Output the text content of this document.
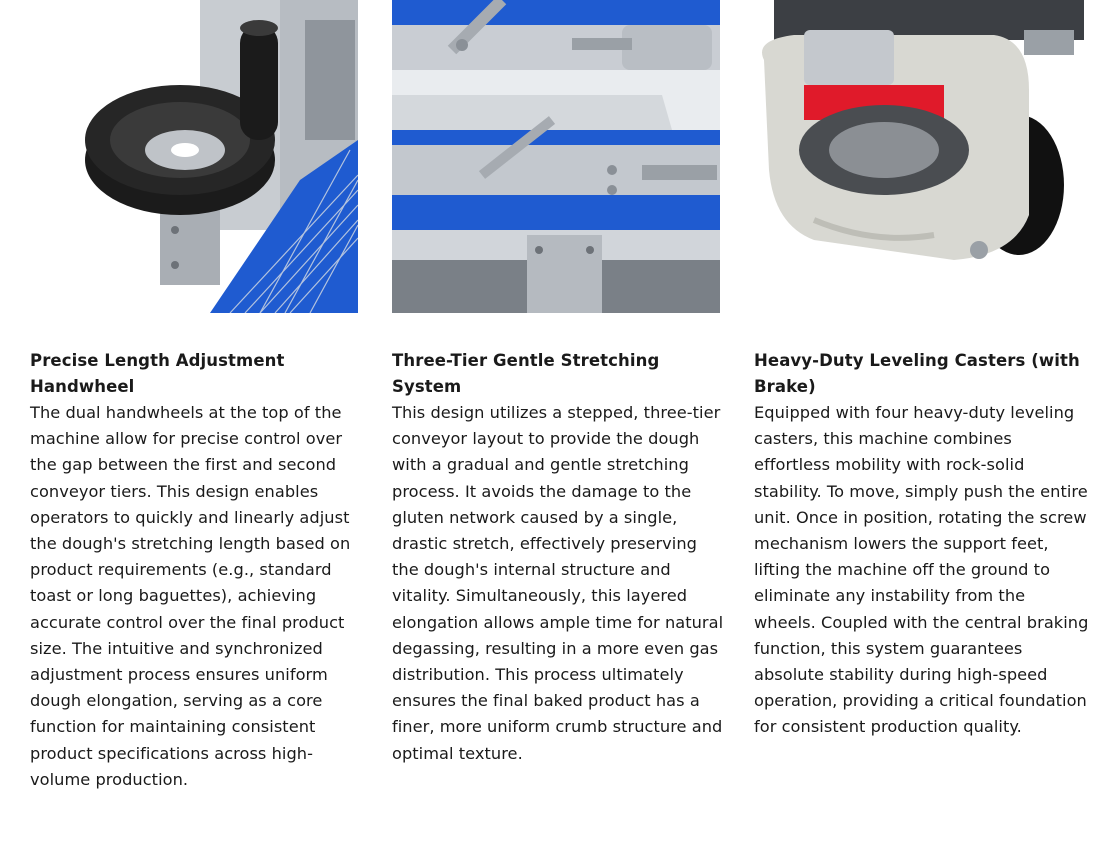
Precise Length Adjustment Handwheel

The dual handwheels at the top of the machine allow for precise control over the gap between the first and second conveyor tiers. This design enables operators to quickly and linearly adjust the dough's stretching length based on product requirements (e.g., standard toast or long baguettes), achieving accurate control over the final product size. The intuitive and synchronized adjustment process ensures uniform dough elongation, serving as a core function for maintaining consistent product specifications across high-volume production.

Three-Tier Gentle Stretching System

This design utilizes a stepped, three-tier conveyor layout to provide the dough with a gradual and gentle stretching process. It avoids the damage to the gluten network caused by a single, drastic stretch, effectively preserving the dough's internal structure and vitality. Simultaneously, this layered elongation allows ample time for natural degassing, resulting in a more even gas distribution. This process ultimately ensures the final baked product has a finer, more uniform crumb structure and optimal texture.

Heavy-Duty Leveling Casters (with Brake)

Equipped with four heavy-duty leveling casters, this machine combines effortless mobility with rock-solid stability. To move, simply push the entire unit. Once in position, rotating the screw mechanism lowers the support feet, lifting the machine off the ground to eliminate any instability from the wheels. Coupled with the central braking function, this system guarantees absolute stability during high-speed operation, providing a critical foundation for consistent production quality.
